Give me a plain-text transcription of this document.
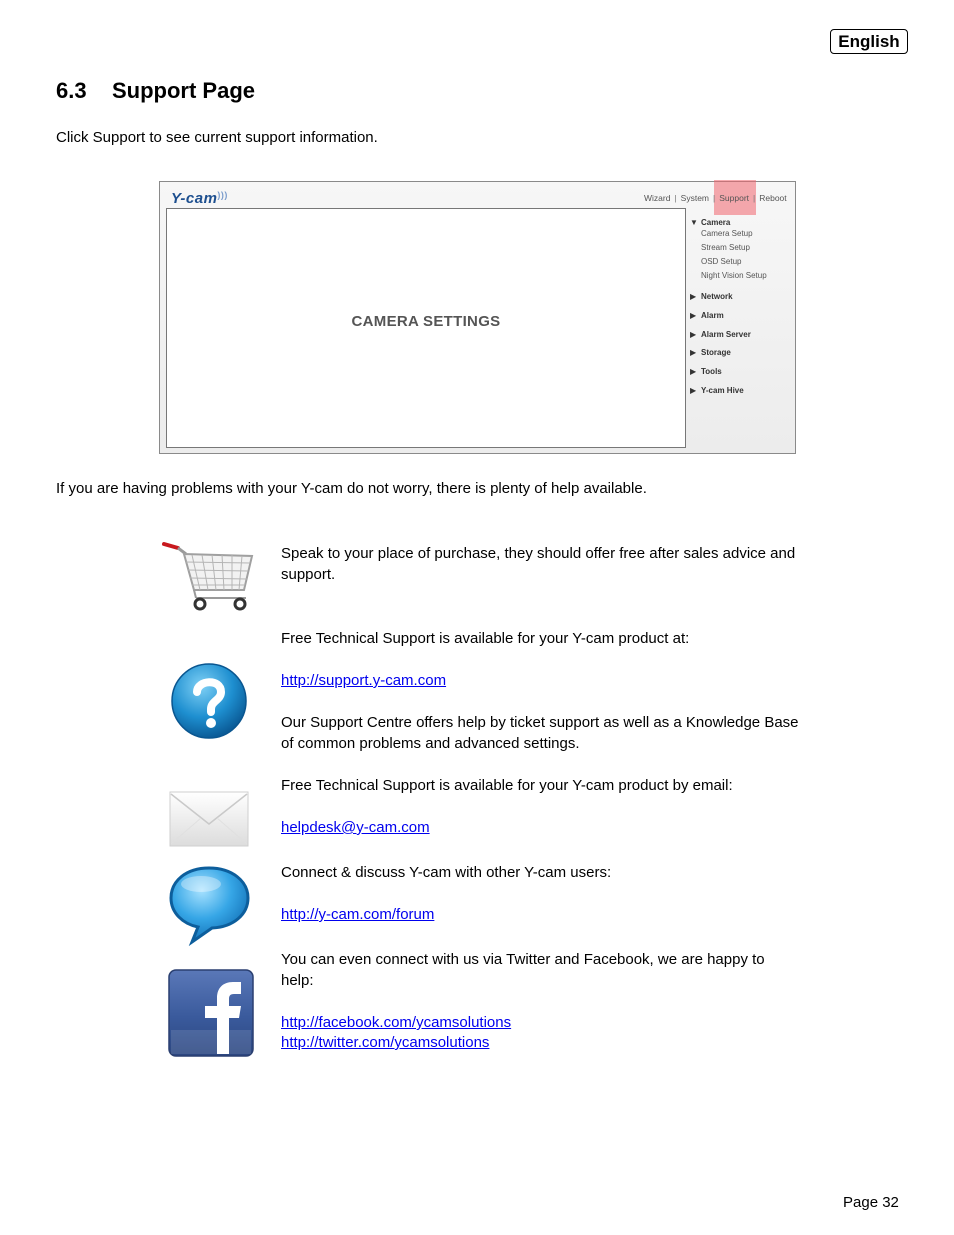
English
6.3 Support Page
Click Support to see current support information.
Y-cam)))	Wizard | System | Support | Reboot
CAMERA SETTINGS
▼ Camera
Camera Setup
Stream Setup
OSD Setup
Night Vision Setup
▶ Network
▶ Alarm
▶ Alarm Server
▶ Storage
▶ Tools
▶ Y-cam Hive
If you are having problems with your Y-cam do not worry, there is plenty of help available.
Speak to your place of purchase, they should offer free after sales advice and support.
Free Technical Support is available for your Y-cam product at:
http://support.y-cam.com
Our Support Centre offers help by ticket support as well as a Knowledge Base of common problems and advanced settings.
Free Technical Support is available for your Y-cam product by email:
helpdesk@y-cam.com
Connect & discuss Y-cam with other Y-cam users:
http://y-cam.com/forum
You can even connect with us via Twitter and Facebook, we are happy to help:
http://facebook.com/ycamsolutions
http://twitter.com/ycamsolutions
Page 32
